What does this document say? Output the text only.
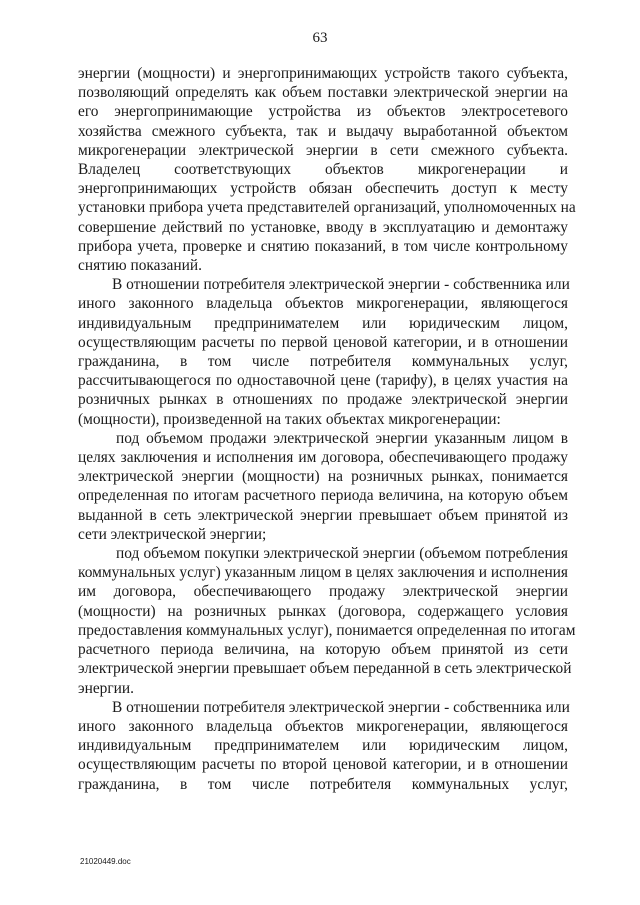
63

энергии (мощности) и энергопринимающих устройств такого субъекта,
позволяющий определять как объем поставки электрической энергии на
его энергопринимающие устройства из объектов электросетевого
хозяйства смежного субъекта, так и выдачу выработанной объектом
микрогенерации электрической энергии в сети смежного субъекта.
Владелец соответствующих объектов микрогенерации и
энергопринимающих устройств обязан обеспечить доступ к месту
установки прибора учета представителей организаций, уполномоченных на
совершение действий по установке, вводу в эксплуатацию и демонтажу
прибора учета, проверке и снятию показаний, в том числе контрольному
снятию показаний.

В отношении потребителя электрической энергии - собственника или
иного законного владельца объектов микрогенерации, являющегося
индивидуальным предпринимателем или юридическим лицом,
осуществляющим расчеты по первой ценовой категории, и в отношении
гражданина, в том числе потребителя коммунальных услуг,
рассчитывающегося по одноставочной цене (тарифу), в целях участия на
розничных рынках в отношениях по продаже электрической энергии
(мощности), произведенной на таких объектах микрогенерации:

под объемом продажи электрической энергии указанным лицом в
целях заключения и исполнения им договора, обеспечивающего продажу
электрической энергии (мощности) на розничных рынках, понимается
определенная по итогам расчетного периода величина, на которую объем
выданной в сеть электрической энергии превышает объем принятой из
сети электрической энергии;

под объемом покупки электрической энергии (объемом потребления
коммунальных услуг) указанным лицом в целях заключения и исполнения
им договора, обеспечивающего продажу электрической энергии
(мощности) на розничных рынках (договора, содержащего условия
предоставления коммунальных услуг), понимается определенная по итогам
расчетного периода величина, на которую объем принятой из сети
электрической энергии превышает объем переданной в сеть электрической
энергии.

В отношении потребителя электрической энергии - собственника или
иного законного владельца объектов микрогенерации, являющегося
индивидуальным предпринимателем или юридическим лицом,
осуществляющим расчеты по второй ценовой категории, и в отношении
гражданина, в том числе потребителя коммунальных услуг,

21020449.doc
